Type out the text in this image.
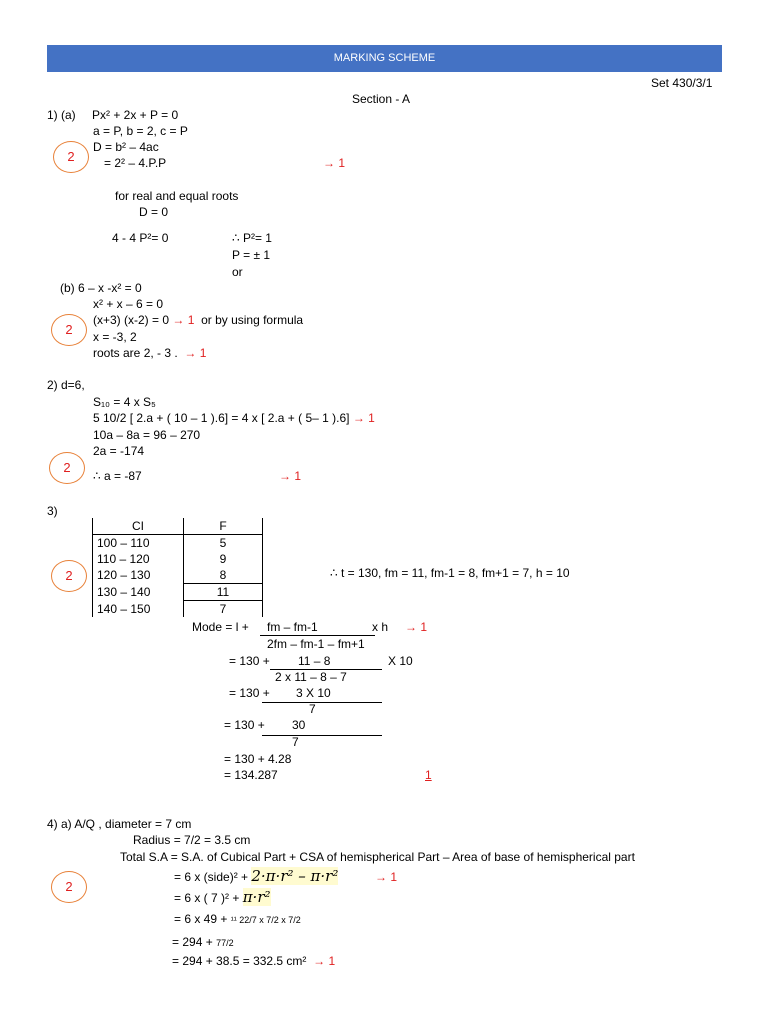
MARKING SCHEME
Set 430/3/1
Section - A
1) (a) Px² + 2x + P = 0
a = P, b = 2, c = P
D = b² – 4ac
= 2² – 4.P.P	→ 1
2
for real and equal roots
D = 0
4 - 4 P²= 0	∴ P²= 1
P = ± 1
or
(b) 6 – x -x² = 0
x² + x – 6 = 0
(x+3) (x-2) = 0 → 1 or by using formula
x = -3, 2
roots are 2, - 3 . → 1
2
2) d=6,
S₁₀ = 4 x S₅
5 10/2 [ 2.a + ( 10 – 1 ).6] = 4 x [ 2.a + ( 5– 1 ).6] → 1
10a – 8a = 96 – 270
2a = -174
∴ a = -87	→ 1
2
3)
CI	F
100 – 110	5
110 – 120	9
120 – 130	8
130 – 140	11
140 – 150	7
∴ t = 130, fm = 11, fm-1 = 8, fm+1 = 7, h = 10
2
Mode = l + fm – fm-1	x h → 1
2fm – fm-1 – fm+1
= 130 + 11 – 8	X 10
2 x 11 – 8 – 7
= 130 + 3 X 10
7
= 130 + 30
7
= 130 + 4.28
= 134.287	1
4) a) A/Q , diameter = 7 cm
Radius = 7/2 = 3.5 cm
Total S.A = S.A. of Cubical Part + CSA of hemispherical Part – Area of base of hemispherical part
= 6 x (side)² + 2·π·r² – π·r²	→ 1
2
= 6 x ( 7 )² + π·r²
= 6 x 49 + ¹¹ 22/7 x 7/2 x 7/2
= 294 + 77/2
= 294 + 38.5 = 332.5 cm² → 1
